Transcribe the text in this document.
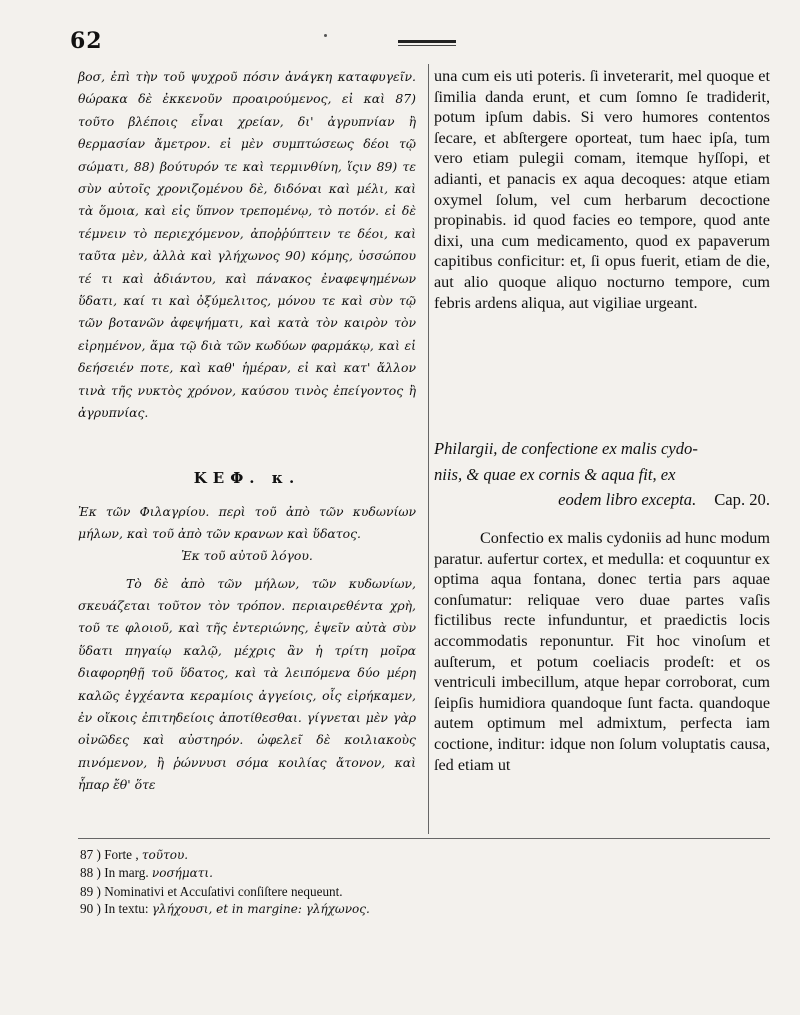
62

βοσ, ἐπὶ τὴν τοῦ ψυχροῦ πόσιν ἀνάγκη καταφυγεῖν. θώρακα δὲ ἐκκενοῦν προαιρούμενος, εἰ καὶ 87) τοῦτο βλέποις εἶναι χρείαν, δι' ἀγρυπνίαν ἢ θερμασίαν ἄμετρον. εἰ μὲν συμπτώσεως δέοι τῷ σώματι, 88) βούτυρόν τε καὶ τερμινθίνη, ἵςιν 89) τε σὺν αὐτοῖς χρονιζομένου δὲ, διδόναι καὶ μέλι, καὶ τὰ ὅμοια, καὶ εἰς ὕπνον τρεπομένῳ, τὸ ποτόν. εἰ δὲ τέμνειν τὸ περιεχόμενον, ἀποῤῥύπτειν τε δέοι, καὶ ταῦτα μὲν, ἀλλὰ καὶ γλήχωνος 90) κόμης, ὑσσώπου τέ τι καὶ ἀδιάντου, καὶ πάνακος ἐναφεψημένων ὕδατι, καί τι καὶ ὀξύμελιτος, μόνου τε καὶ σὺν τῷ τῶν βοτανῶν ἀφεψήματι, καὶ κατὰ τὸν καιρὸν τὸν εἰρημένον, ἅμα τῷ διὰ τῶν κωδύων φαρμάκῳ, καὶ εἰ δεήσειέν ποτε, καὶ καθ' ἡμέραν, εἰ καὶ κατ' ἄλλον τινὰ τῆς νυκτὸς χρόνον, καύσου τινὸς ἐπείγοντος ἢ ἀγρυπνίας.

ΚΕΦ. κ.
Ἐκ τῶν Φιλαγρίου. περὶ τοῦ ἀπὸ τῶν κυδωνίων μήλων, καὶ τοῦ ἀπὸ τῶν κρανων καὶ ὕδατος.
Ἐκ τοῦ αὐτοῦ λόγου.

Τὸ δὲ ἀπὸ τῶν μήλων, τῶν κυδωνίων, σκευάζεται τοῦτον τὸν τρόπον. περιαιρεθέντα χρὴ, τοῦ τε φλοιοῦ, καὶ τῆς ἐντεριώνης, ἑψεῖν αὐτὰ σὺν ὕδατι πηγαίῳ καλῷ, μέχρις ἂν ἡ τρίτη μοῖρα διαφορηθῇ τοῦ ὕδατος, καὶ τὰ λειπόμενα δύο μέρη καλῶς ἐγχέαντα κεραμίοις ἀγγείοις, οἷς εἰρήκαμεν, ἐν οἴκοις ἐπιτηδείοις ἀποτίθεσθαι. γίγνεται μὲν γὰρ οἰνῶδες καὶ αὐστηρόν. ὠφελεῖ δὲ κοιλιακοὺς πινόμενον, ἢ ῥώννυσι σόμα κοιλίας ἄτονον, καὶ ἧπαρ ἔθ' ὅτε

una cum eis uti poteris. ſi inveterarit, mel quoque et ſimilia danda erunt, et cum ſomno ſe tradiderit, potum ipſum dabis. Si vero humores contentos ſecare, et abſtergere oporteat, tum haec ipſa, tum vero etiam pulegii comam, itemque hyſſopi, et adianti, et panacis ex aqua decoques: atque etiam oxymel ſolum, vel cum herbarum decoctione propinabis. id quod facies eo tempore, quod ante dixi, una cum medicamento, quod ex papaverum capitibus conficitur: et, ſi opus fuerit, etiam de die, aut alio quoque aliquo nocturno tempore, cum febris ardens aliqua, aut vigiliae urgeant.

Philargii, de confectione ex malis cydo-
niis, & quae ex cornis & aqua fit, ex
eodem libro excepta. Cap. 20.

Confectio ex malis cydoniis ad hunc modum paratur. aufertur cortex, et medulla: et coquuntur ex optima aqua fontana, donec tertia pars aquae conſumatur: reliquae vero duae partes vaſis fictilibus recte infunduntur, et praedictis locis accommodatis reponuntur. Fit hoc vinoſum et auſterum, et potum coeliacis prodeſt: et os ventriculi imbecillum, atque hepar corroborat, cum ſeipſis humidiora quandoque ſunt facta. quandoque autem optimum mel admixtum, perfecta iam coctione, inditur: idque non ſolum voluptatis causa, ſed etiam ut

87 ) Forte , τοῦτου.
88 ) In marg. νοσήματι.
89 ) Nominativi et Accuſativi conſiſtere nequeunt.
90 ) In textu: γλήχουσι, et in margine: γλήχωνος.
